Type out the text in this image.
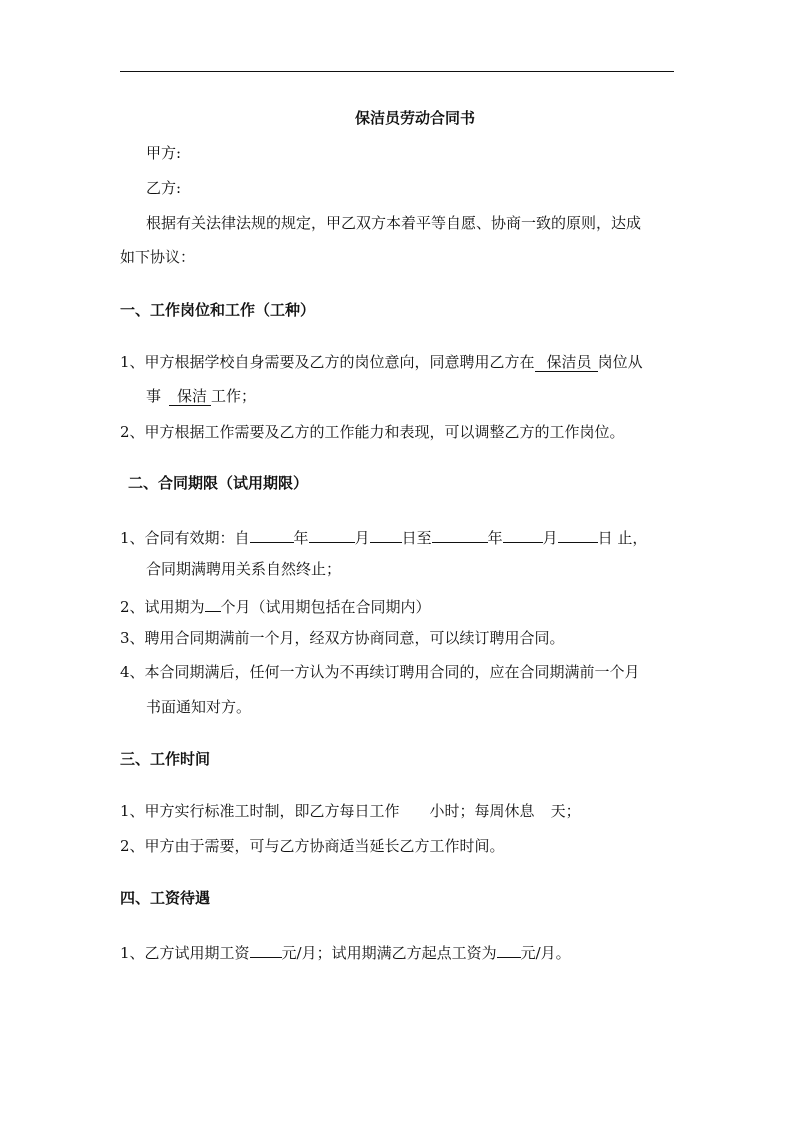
保洁员劳动合同书
甲方:
乙方:
根据有关法律法规的规定，甲乙双方本着平等自愿、协商一致的原则，达成
如下协议：
一、工作岗位和工作（工种）
1、甲方根据学校自身需要及乙方的岗位意向，同意聘用乙方在 保洁员 岗位从
事 保洁 工作；
2、甲方根据工作需要及乙方的工作能力和表现，可以调整乙方的工作岗位。
二、合同期限（试用期限）
1、合同有效期：自	年	月 日至	年	月	日 止，
合同期满聘用关系自然终止；
2、试用期为 个月（试用期包括在合同期内）
3、聘用合同期满前一个月，经双方协商同意，可以续订聘用合同。
4、本合同期满后，任何一方认为不再续订聘用合同的，应在合同期满前一个月
书面通知对方。
三、工作时间
1、甲方实行标准工时制，即乙方每日工作 小时；每周休息 天；
2、甲方由于需要，可与乙方协商适当延长乙方工作时间。
四、工资待遇
1、乙方试用期工资 元/月；试用期满乙方起点工资为 元/月。
